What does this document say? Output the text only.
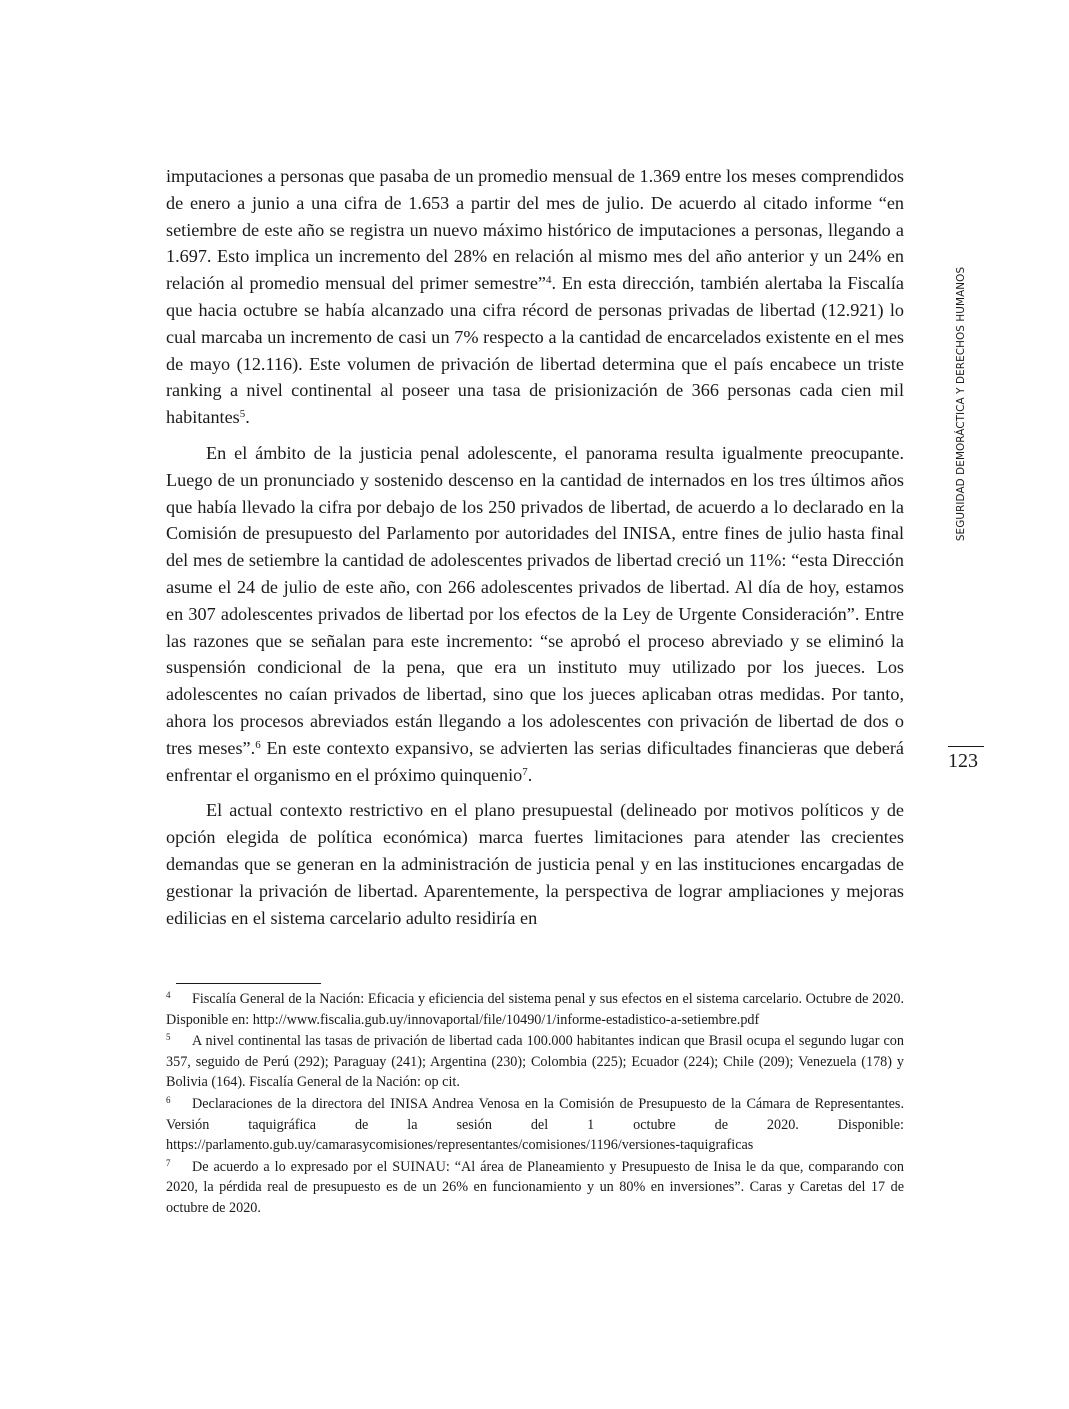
imputaciones a personas que pasaba de un promedio mensual de 1.369 entre los meses comprendidos de enero a junio a una cifra de 1.653 a partir del mes de julio. De acuerdo al citado informe “en setiembre de este año se registra un nuevo máximo histórico de imputaciones a personas, llegando a 1.697. Esto implica un incremento del 28% en relación al mismo mes del año anterior y un 24% en relación al promedio mensual del primer semestre”$^4$. En esta dirección, también alertaba la Fiscalía que hacia octubre se había alcanzado una cifra récord de personas privadas de libertad (12.921) lo cual marcaba un incremento de casi un 7% respecto a la cantidad de encarcelados existente en el mes de mayo (12.116). Este volumen de privación de libertad determina que el país encabece un triste ranking a nivel continental al poseer una tasa de prisionización de 366 personas cada cien mil habitantes$^5$.

En el ámbito de la justicia penal adolescente, el panorama resulta igualmente preocupante. Luego de un pronunciado y sostenido descenso en la cantidad de internados en los tres últimos años que había llevado la cifra por debajo de los 250 privados de libertad, de acuerdo a lo declarado en la Comisión de presupuesto del Parlamento por autoridades del INISA, entre fines de julio hasta final del mes de setiembre la cantidad de adolescentes privados de libertad creció un 11%: “esta Dirección asume el 24 de julio de este año, con 266 adolescentes privados de libertad. Al día de hoy, estamos en 307 adolescentes privados de libertad por los efectos de la Ley de Urgente Consideración”. Entre las razones que se señalan para este incremento: “se aprobó el proceso abreviado y se eliminó la suspensión condicional de la pena, que era un instituto muy utilizado por los jueces. Los adolescentes no caían privados de libertad, sino que los jueces aplicaban otras medidas. Por tanto, ahora los procesos abreviados están llegando a los adolescentes con privación de libertad de dos o tres meses”.$^6$ En este contexto expansivo, se advierten las serias dificultades financieras que deberá enfrentar el organismo en el próximo quinquenio$^7$.

El actual contexto restrictivo en el plano presupuestal (delineado por motivos políticos y de opción elegida de política económica) marca fuertes limitaciones para atender las crecientes demandas que se generan en la administración de justicia penal y en las instituciones encargadas de gestionar la privación de libertad. Aparentemente, la perspectiva de lograr ampliaciones y mejoras edilicias en el sistema carcelario adulto residiría en

SEGURIDAD DEMORÁCTICA Y DERECHOS HUMANOS
123
4 Fiscalía General de la Nación: Eficacia y eficiencia del sistema penal y sus efectos en el sistema carcelario. Octubre de 2020. Disponible en: http://www.fiscalia.gub.uy/innovaportal/file/10490/1/informe-estadistico-a-setiembre.pdf
5 A nivel continental las tasas de privación de libertad cada 100.000 habitantes indican que Brasil ocupa el segundo lugar con 357, seguido de Perú (292); Paraguay (241); Argentina (230); Colombia (225); Ecuador (224); Chile (209); Venezuela (178) y Bolivia (164). Fiscalía General de la Nación: op cit.
6 Declaraciones de la directora del INISA Andrea Venosa en la Comisión de Presupuesto de la Cámara de Representantes. Versión taquigráfica de la sesión del 1 octubre de 2020. Disponible: https://parlamento.gub.uy/camarasycomisiones/representantes/comisiones/1196/versiones-taquigraficas
7 De acuerdo a lo expresado por el SUINAU: “Al área de Planeamiento y Presupuesto de Inisa le da que, comparando con 2020, la pérdida real de presupuesto es de un 26% en funcionamiento y un 80% en inversiones”. Caras y Caretas del 17 de octubre de 2020.
